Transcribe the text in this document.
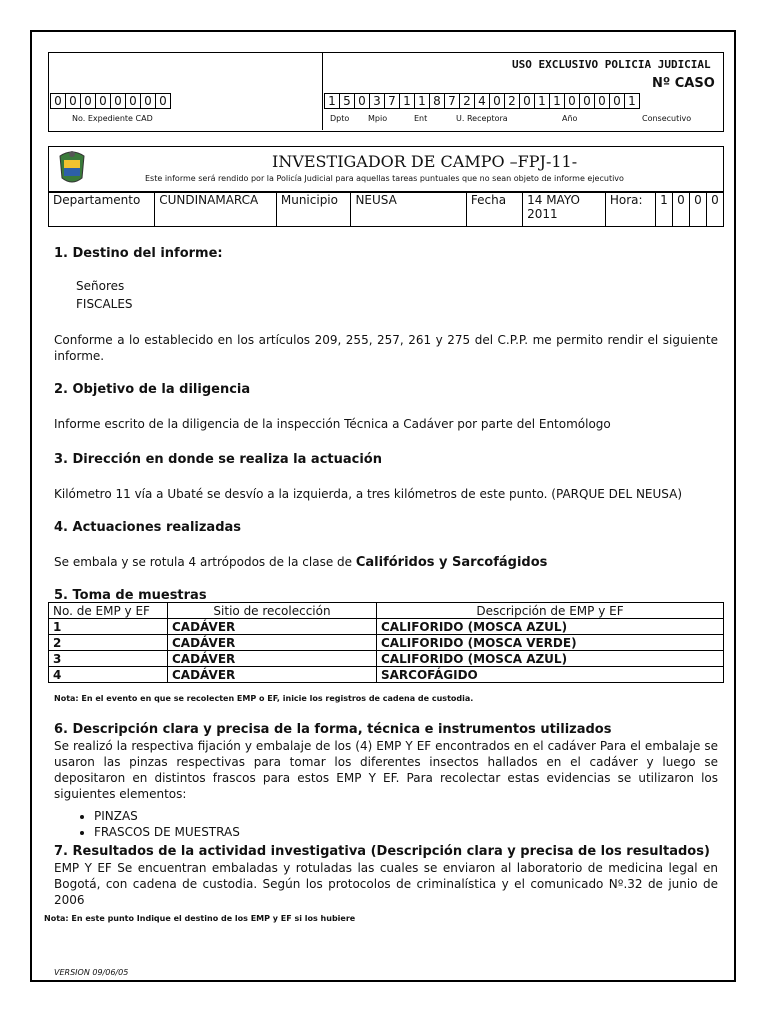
USO EXCLUSIVO POLICIA JUDICIAL
Nº CASO
0	0	0	0	0	0	0	0
No. Expediente CAD
1	5	0	3	7	1	1	8	7	2	4	0	2	0	1	1	0	0	0	0	1
Dpto Mpio	Ent	U. Receptora	Año	Consecutivo
INVESTIGADOR DE CAMPO –FPJ-11-
Este informe será rendido por la Policía Judicial para aquellas tareas puntuales que no sean objeto de informe ejecutivo
Departamento	CUNDINAMARCA	Municipio	NEUSA	Fecha	14 MAYO 2011	Hora:	1	0	0	0
1. Destino del informe:
Señores
FISCALES
Conforme a lo establecido en los artículos 209, 255, 257, 261 y 275 del C.P.P. me permito rendir el siguiente informe.
2. Objetivo de la diligencia
Informe escrito de la diligencia de la inspección Técnica a Cadáver por parte del Entomólogo
3. Dirección en donde se realiza la actuación
Kilómetro 11 vía a Ubaté se desvío a la izquierda, a tres kilómetros de este punto. (PARQUE DEL NEUSA)
4. Actuaciones realizadas
Se embala y se rotula 4 artrópodos de la clase de Califóridos y Sarcofágidos
5. Toma de muestras
No. de EMP y EF	Sitio de recolección	Descripción de EMP y EF
1	CADÁVER	CALIFORIDO (MOSCA AZUL)
2	CADÁVER	CALIFORIDO (MOSCA VERDE)
3	CADÁVER	CALIFORIDO (MOSCA AZUL)
4	CADÁVER	SARCOFÁGIDO
Nota: En el evento en que se recolecten EMP o EF, inicie los registros de cadena de custodia.
6. Descripción clara y precisa de la forma, técnica e instrumentos utilizados
Se realizó la respectiva fijación y embalaje de los (4) EMP Y EF encontrados en el cadáver Para el embalaje se usaron las pinzas respectivas para tomar los diferentes insectos hallados en el cadáver y luego se depositaron en distintos frascos para estos EMP Y EF. Para recolectar estas evidencias se utilizaron los siguientes elementos:
• PINZAS
• FRASCOS DE MUESTRAS
7. Resultados de la actividad investigativa (Descripción clara y precisa de los resultados)
EMP Y EF Se encuentran embaladas y rotuladas las cuales se enviaron al laboratorio de medicina legal en Bogotá, con cadena de custodia. Según los protocolos de criminalística y el comunicado Nº.32 de junio de 2006
Nota: En este punto Indique el destino de los EMP y EF si los hubiere
VERSION 09/06/05
